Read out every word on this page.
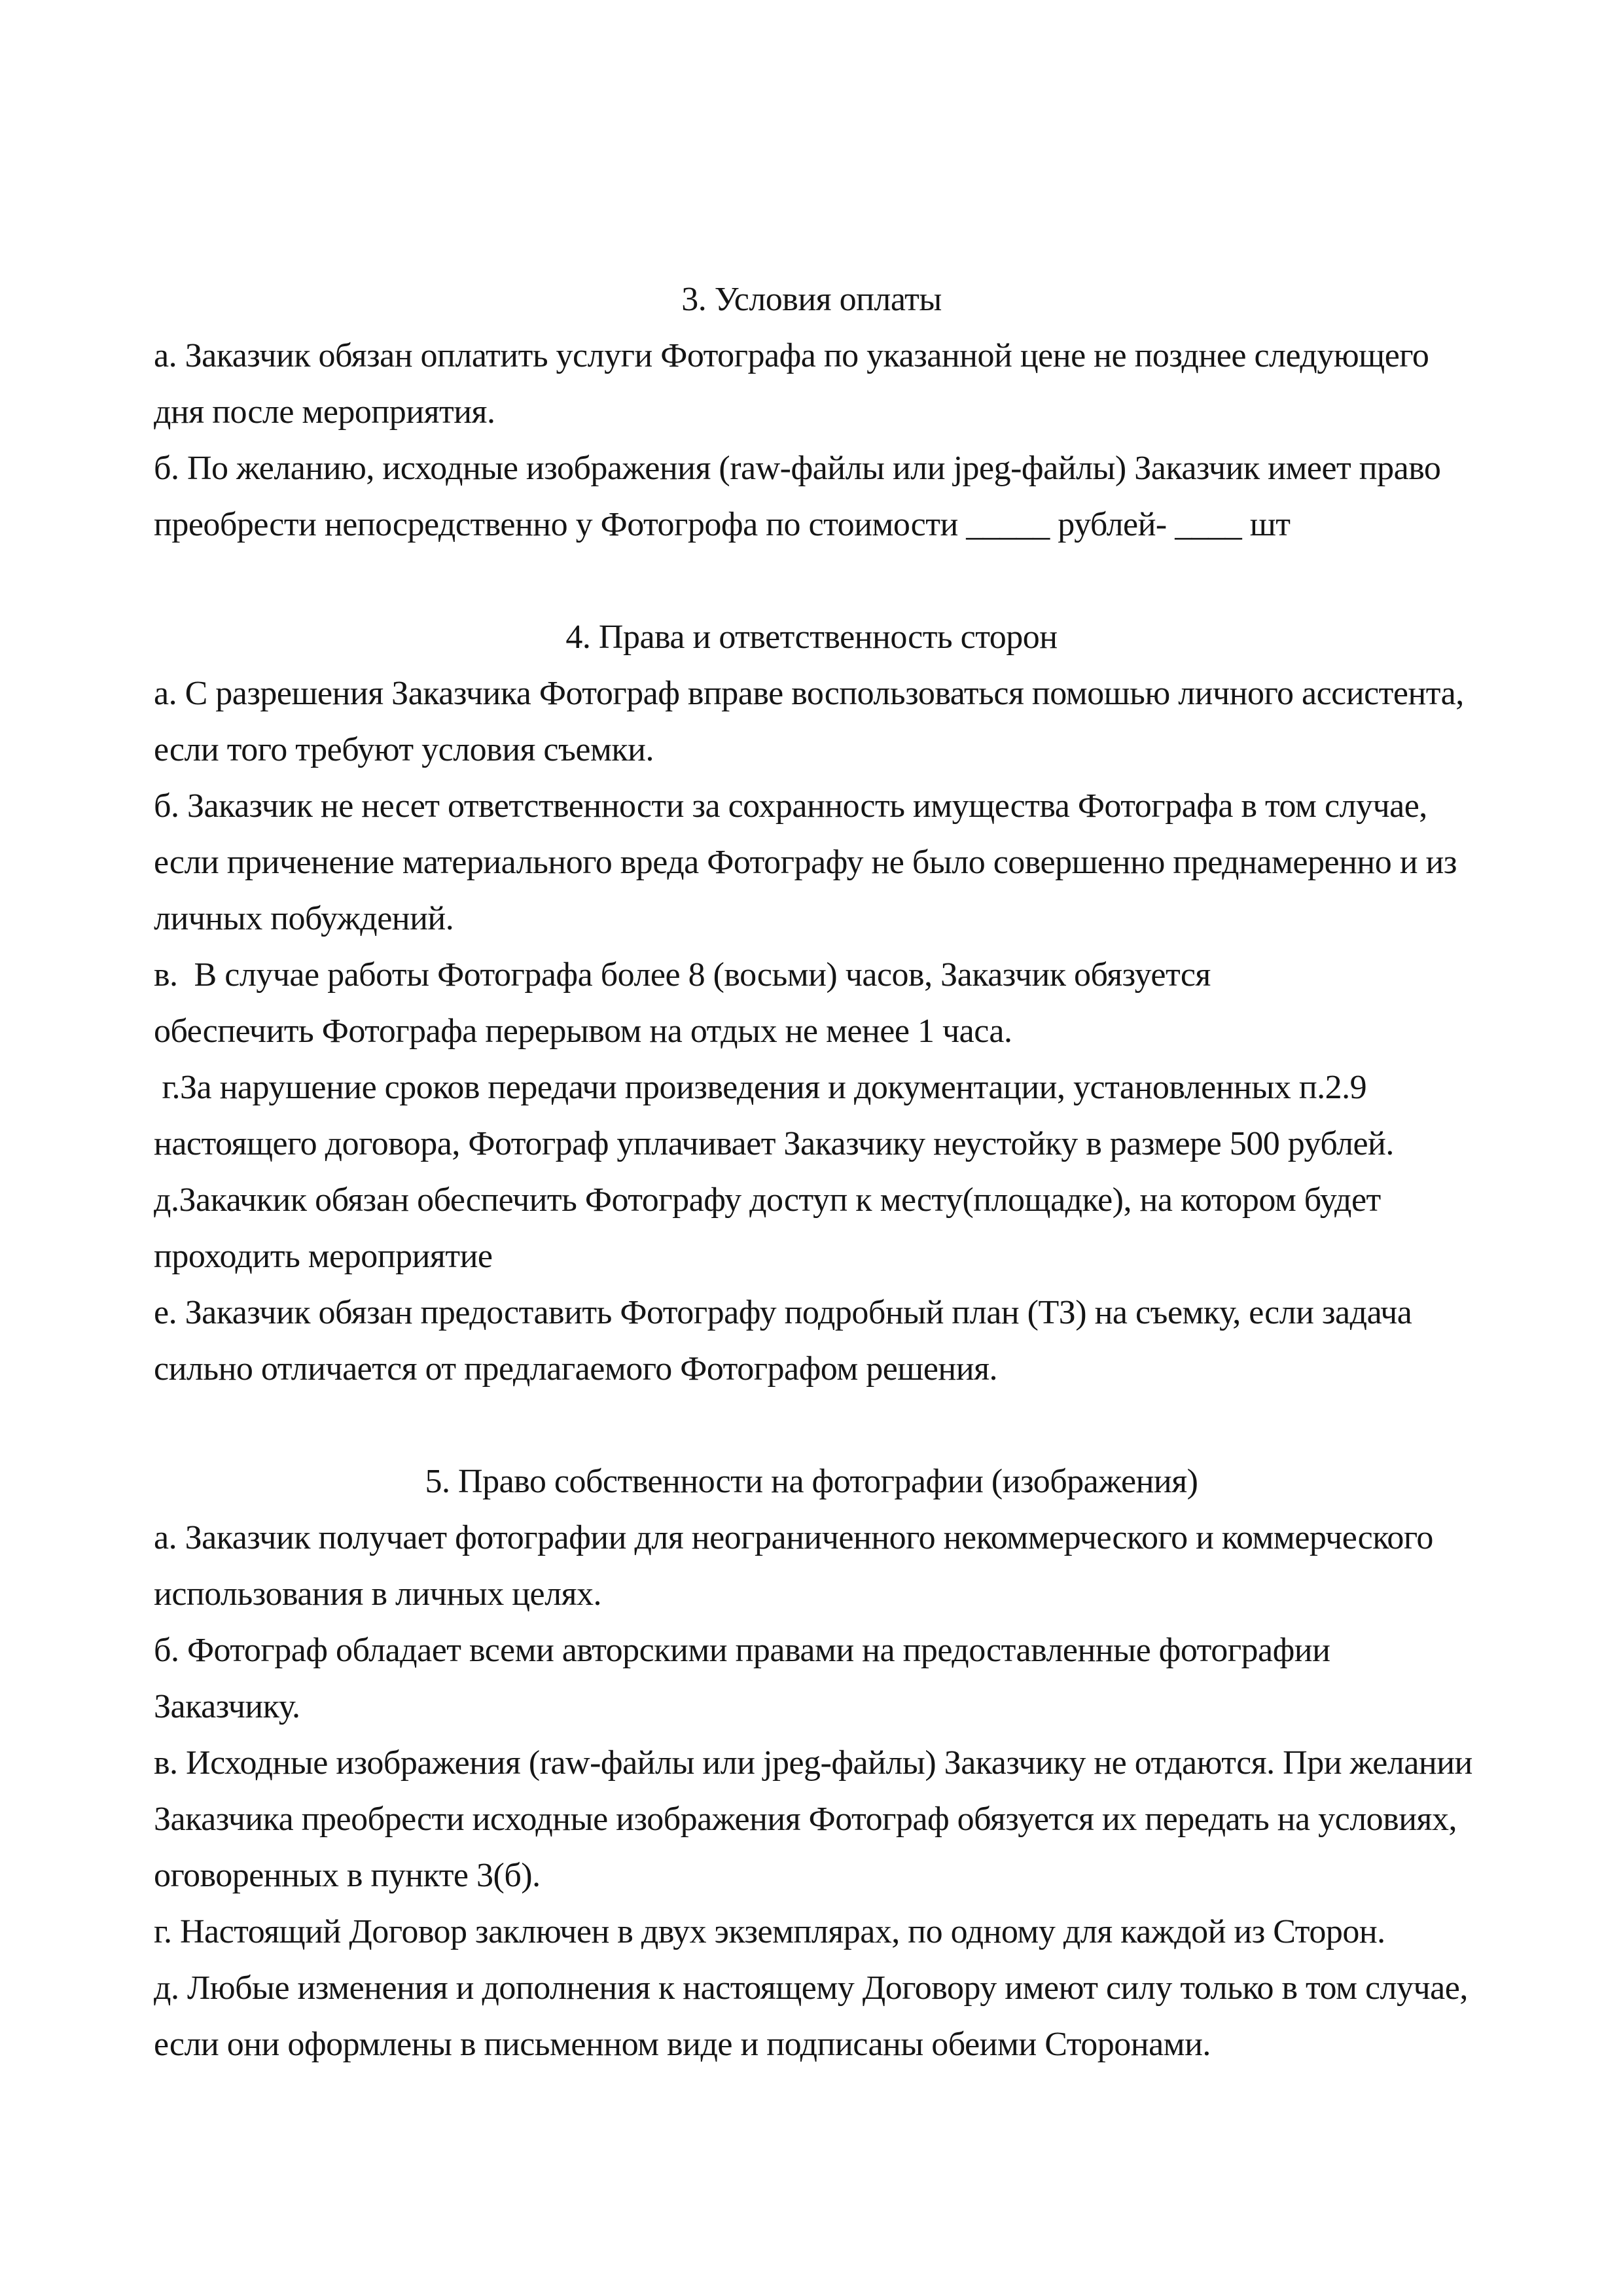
3. Условия оплаты
а. Заказчик обязан оплатить услуги Фотографа по указанной цене не позднее следующего
дня после мероприятия.
б. По желанию, исходные изображения (raw-файлы или jpeg-файлы) Заказчик имеет право
преобрести непосредственно у Фотогрофа по стоимости _____ рублей- ____ шт
4. Права и ответственность сторон
а. С разрешения Заказчика Фотограф вправе воспользоваться помошью личного ассистента,
если того требуют условия съемки.
б. Заказчик не несет ответственности за сохранность имущества Фотографа в том случае,
если приченение материального вреда Фотографу не было совершенно преднамеренно и из
личных побуждений.
в.  В случае работы Фотографа более 8 (восьми) часов, Заказчик обязуется
обеспечить Фотографа перерывом на отдых не менее 1 часа.
г.За нарушение сроков передачи произведения и документации, установленных п.2.9
настоящего договора, Фотограф уплачивает Заказчику неустойку в размере 500 рублей.
д.Закачкик обязан обеспечить Фотографу доступ к месту(площадке), на котором будет
проходить мероприятие
е. Заказчик обязан предоставить Фотографу подробный план (ТЗ) на съемку, если задача
сильно отличается от предлагаемого Фотографом решения.
5. Право собственности на фотографии (изображения)
а. Заказчик получает фотографии для неограниченного некоммерческого и коммерческого
использования в личных целях.
б. Фотограф обладает всеми авторскими правами на предоставленные фотографии
Заказчику.
в. Исходные изображения (raw-файлы или jpeg-файлы) Заказчику не отдаются. При желании
Заказчика преобрести исходные изображения Фотограф обязуется их передать на условиях,
оговоренных в пункте 3(б).
г. Настоящий Договор заключен в двух экземплярах, по одному для каждой из Сторон.
д. Любые изменения и дополнения к настоящему Договору имеют силу только в том случае,
если они оформлены в письменном виде и подписаны обеими Сторонами.
